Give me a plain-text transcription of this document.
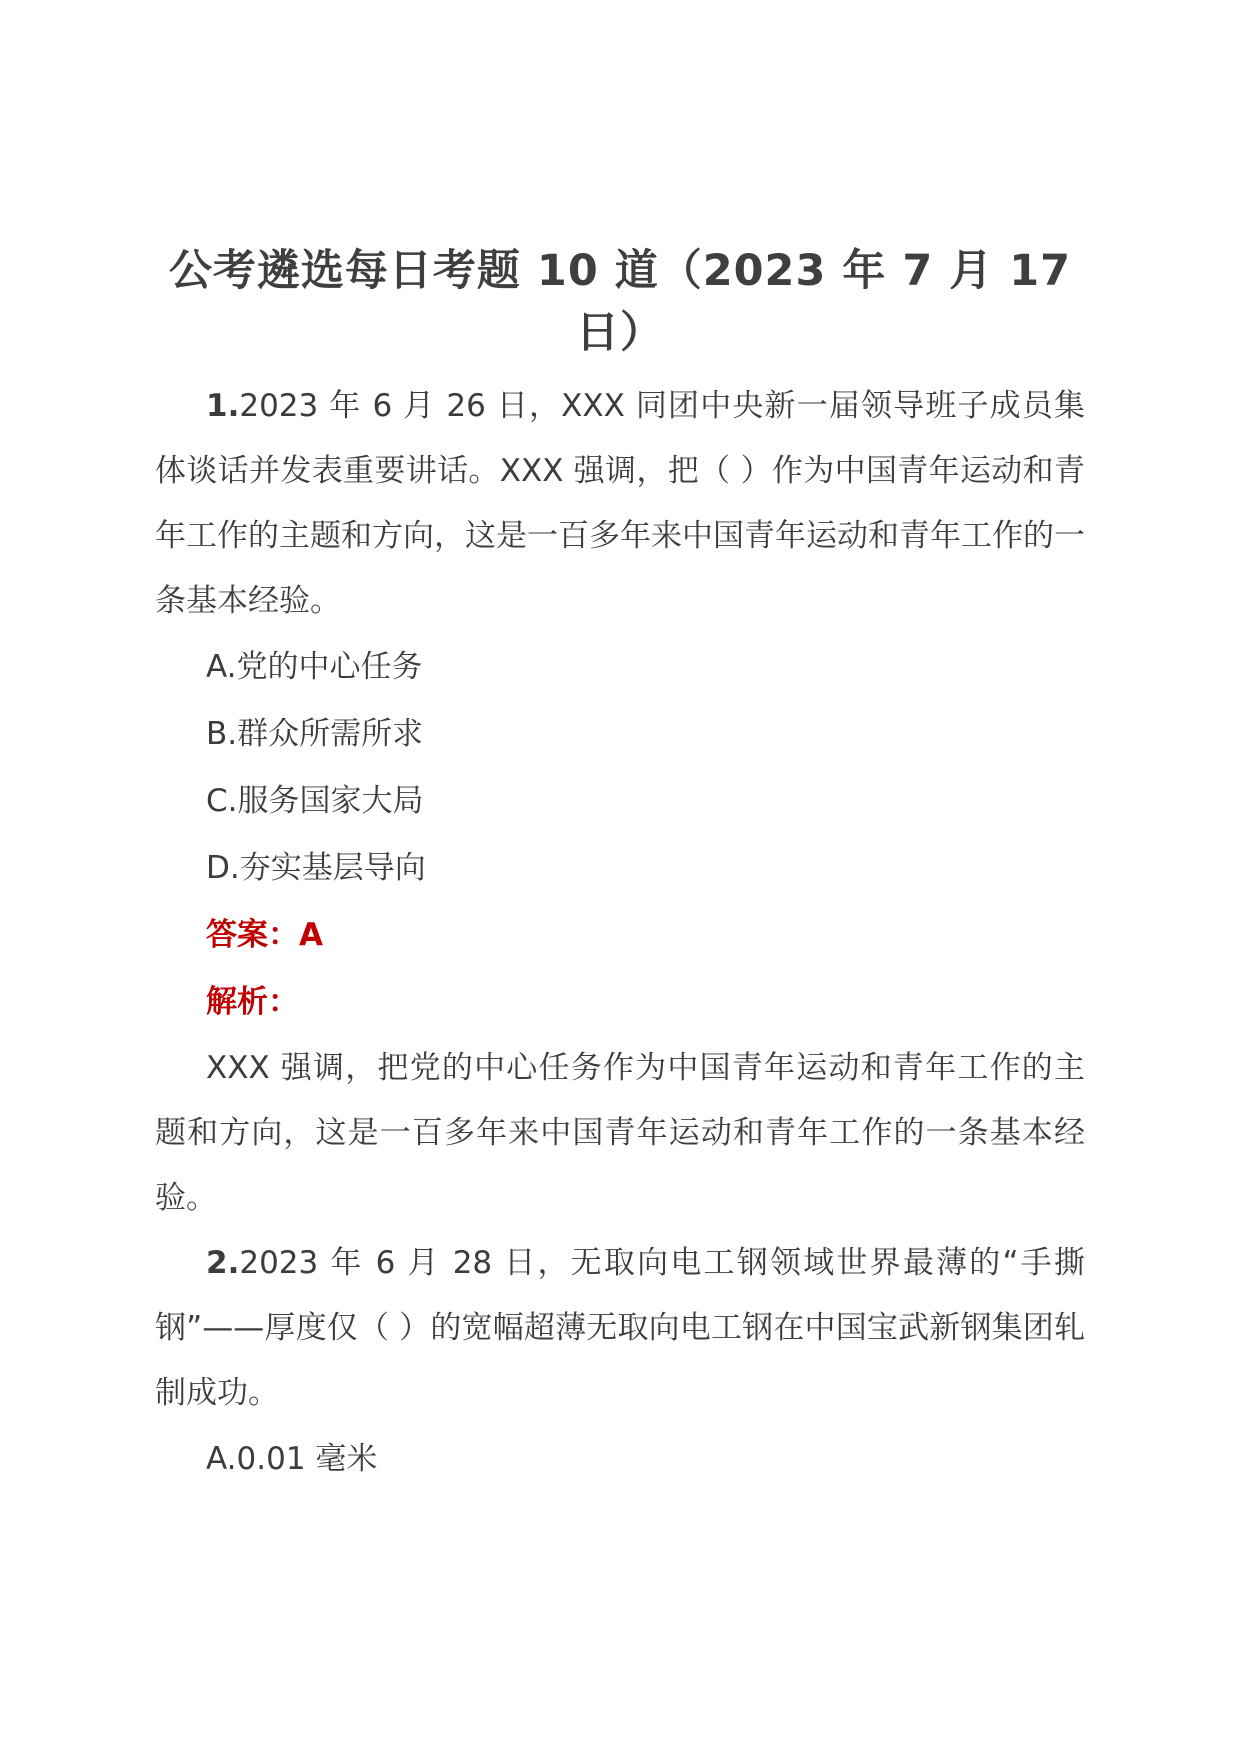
公考遴选每日考题 10 道（2023 年 7 月 17 日）

1.2023 年 6 月 26 日，XXX 同团中央新一届领导班子成员集体谈话并发表重要讲话。XXX 强调，把（ ）作为中国青年运动和青年工作的主题和方向，这是一百多年来中国青年运动和青年工作的一条基本经验。

A.党的中心任务

B.群众所需所求

C.服务国家大局

D.夯实基层导向

答案：A

解析：

XXX 强调，把党的中心任务作为中国青年运动和青年工作的主题和方向，这是一百多年来中国青年运动和青年工作的一条基本经验。

2.2023 年 6 月 28 日，无取向电工钢领域世界最薄的“手撕钢”——厚度仅（ ）的宽幅超薄无取向电工钢在中国宝武新钢集团轧制成功。

A.0.01 毫米
